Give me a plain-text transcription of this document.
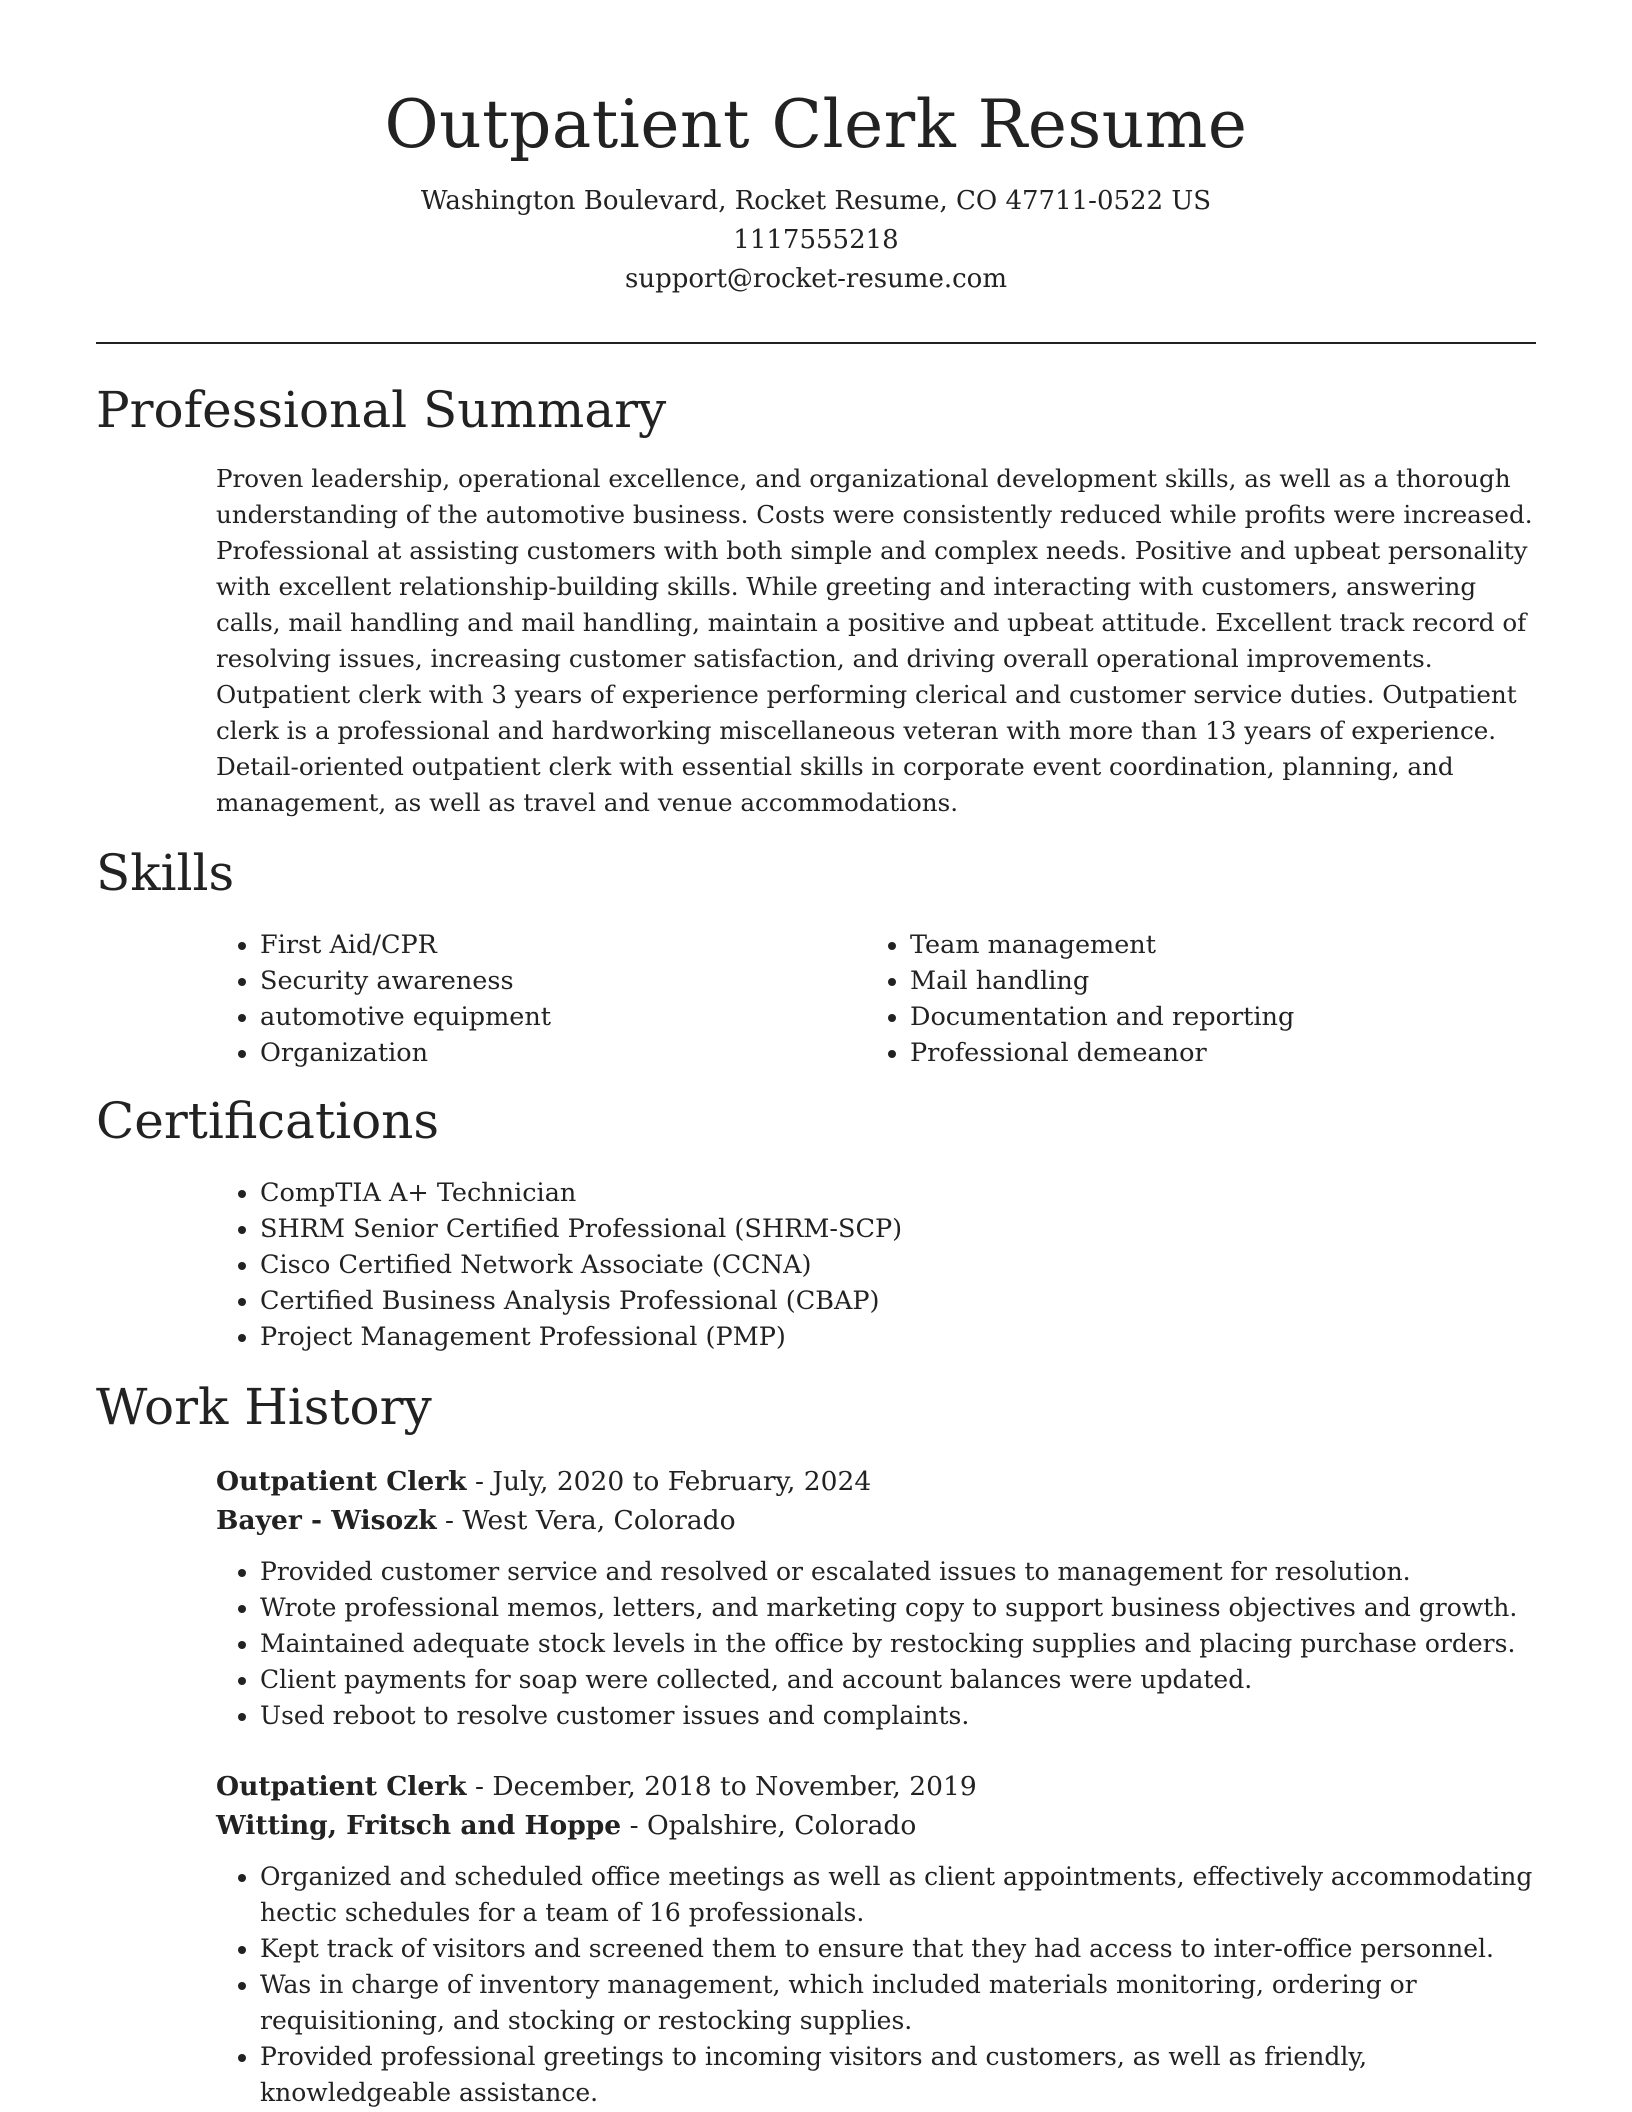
Outpatient Clerk Resume
Washington Boulevard, Rocket Resume, CO 47711-0522 US
1117555218
support@rocket-resume.com
Professional Summary

Proven leadership, operational excellence, and organizational development skills, as well as a thorough understanding of the automotive business. Costs were consistently reduced while profits were increased. Professional at assisting customers with both simple and complex needs. Positive and upbeat personality with excellent relationship-building skills. While greeting and interacting with customers, answering calls, mail handling and mail handling, maintain a positive and upbeat attitude. Excellent track record of resolving issues, increasing customer satisfaction, and driving overall operational improvements. Outpatient clerk with 3 years of experience performing clerical and customer service duties. Outpatient clerk is a professional and hardworking miscellaneous veteran with more than 13 years of experience. Detail-oriented outpatient clerk with essential skills in corporate event coordination, planning, and management, as well as travel and venue accommodations.

Skills
• First Aid/CPR
• Security awareness
• automotive equipment
• Organization
• Team management
• Mail handling
• Documentation and reporting
• Professional demeanor
Certifications
• CompTIA A+ Technician
• SHRM Senior Certified Professional (SHRM-SCP)
• Cisco Certified Network Associate (CCNA)
• Certified Business Analysis Professional (CBAP)
• Project Management Professional (PMP)
Work History
Outpatient Clerk - July, 2020 to February, 2024
Bayer - Wisozk - West Vera, Colorado
• Provided customer service and resolved or escalated issues to management for resolution.
• Wrote professional memos, letters, and marketing copy to support business objectives and growth.
• Maintained adequate stock levels in the office by restocking supplies and placing purchase orders.
• Client payments for soap were collected, and account balances were updated.
• Used reboot to resolve customer issues and complaints.
Outpatient Clerk - December, 2018 to November, 2019
Witting, Fritsch and Hoppe - Opalshire, Colorado
• Organized and scheduled office meetings as well as client appointments, effectively accommodating hectic schedules for a team of 16 professionals.
• Kept track of visitors and screened them to ensure that they had access to inter-office personnel.
• Was in charge of inventory management, which included materials monitoring, ordering or requisitioning, and stocking or restocking supplies.
• Provided professional greetings to incoming visitors and customers, as well as friendly, knowledgeable assistance.
